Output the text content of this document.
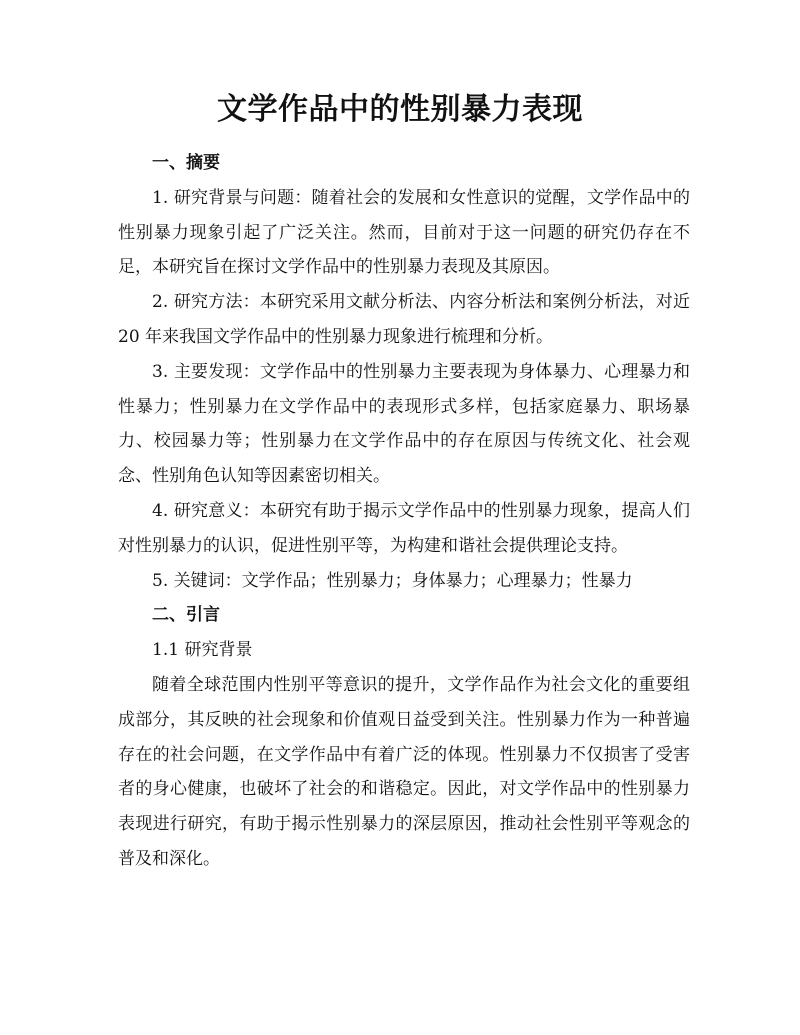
文学作品中的性别暴力表现

一、摘要

1. 研究背景与问题：随着社会的发展和女性意识的觉醒，文学作品中的性别暴力现象引起了广泛关注。然而，目前对于这一问题的研究仍存在不足，本研究旨在探讨文学作品中的性别暴力表现及其原因。

2. 研究方法：本研究采用文献分析法、内容分析法和案例分析法，对近 20 年来我国文学作品中的性别暴力现象进行梳理和分析。

3. 主要发现：文学作品中的性别暴力主要表现为身体暴力、心理暴力和性暴力；性别暴力在文学作品中的表现形式多样，包括家庭暴力、职场暴力、校园暴力等；性别暴力在文学作品中的存在原因与传统文化、社会观念、性别角色认知等因素密切相关。

4. 研究意义：本研究有助于揭示文学作品中的性别暴力现象，提高人们对性别暴力的认识，促进性别平等，为构建和谐社会提供理论支持。

5. 关键词：文学作品；性别暴力；身体暴力；心理暴力；性暴力

二、引言

1.1 研究背景

随着全球范围内性别平等意识的提升，文学作品作为社会文化的重要组成部分，其反映的社会现象和价值观日益受到关注。性别暴力作为一种普遍存在的社会问题，在文学作品中有着广泛的体现。性别暴力不仅损害了受害者的身心健康，也破坏了社会的和谐稳定。因此，对文学作品中的性别暴力表现进行研究，有助于揭示性别暴力的深层原因，推动社会性别平等观念的普及和深化。
